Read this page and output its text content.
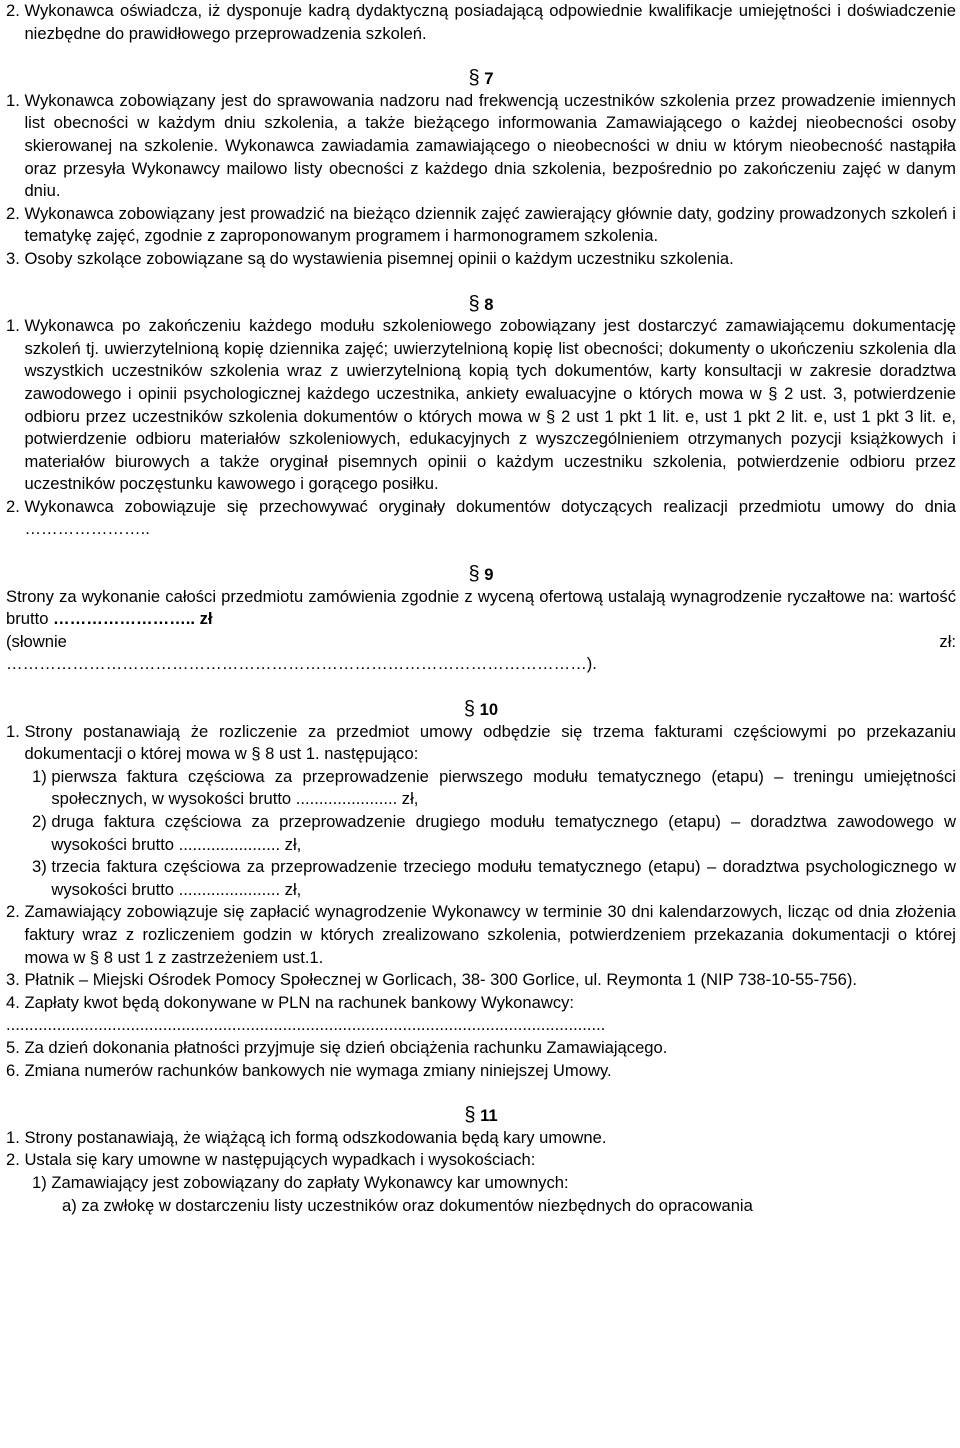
2. Wykonawca oświadcza, iż dysponuje kadrą dydaktyczną posiadającą odpowiednie kwalifikacje umiejętności i doświadczenie niezbędne do prawidłowego przeprowadzenia szkoleń.
§ 7
1. Wykonawca zobowiązany jest do sprawowania nadzoru nad frekwencją uczestników szkolenia przez prowadzenie imiennych list obecności w każdym dniu szkolenia, a także bieżącego informowania Zamawiającego o każdej nieobecności osoby skierowanej na szkolenie. Wykonawca zawiadamia zamawiającego o nieobecności w dniu w którym nieobecność nastąpiła oraz przesyła Wykonawcy mailowo listy obecności z każdego dnia szkolenia, bezpośrednio po zakończeniu zajęć w danym dniu.
2. Wykonawca zobowiązany jest prowadzić na bieżąco dziennik zajęć zawierający głównie daty, godziny prowadzonych szkoleń i tematykę zajęć, zgodnie z zaproponowanym programem i harmonogramem szkolenia.
3. Osoby szkolące zobowiązane są do wystawienia pisemnej opinii o każdym uczestniku szkolenia.
§ 8
1. Wykonawca po zakończeniu każdego modułu szkoleniowego zobowiązany jest dostarczyć zamawiającemu dokumentację szkoleń tj. uwierzytelnioną kopię dziennika zajęć; uwierzytelnioną kopię list obecności; dokumenty o ukończeniu szkolenia dla wszystkich uczestników szkolenia wraz z uwierzytelnioną kopią tych dokumentów, karty konsultacji w zakresie doradztwa zawodowego i opinii psychologicznej każdego uczestnika, ankiety ewaluacyjne o których mowa w § 2 ust. 3, potwierdzenie odbioru przez uczestników szkolenia dokumentów o których mowa w § 2 ust 1 pkt 1 lit. e, ust 1 pkt 2 lit. e, ust 1 pkt 3 lit. e, potwierdzenie odbioru materiałów szkoleniowych, edukacyjnych z wyszczególnieniem otrzymanych pozycji książkowych i materiałów biurowych a także oryginał pisemnych opinii o każdym uczestniku szkolenia, potwierdzenie odbioru przez uczestników poczęstunku kawowego i gorącego posiłku.
2. Wykonawca zobowiązuje się przechowywać oryginały dokumentów dotyczących realizacji przedmiotu umowy do dnia …………………..
§ 9
Strony za wykonanie całości przedmiotu zamówienia zgodnie z wyceną ofertową ustalają wynagrodzenie ryczałtowe na: wartość brutto …………………….. zł
(słownie	zł:
……………………………………………………………………………………………).
§ 10
1. Strony postanawiają że rozliczenie za przedmiot umowy odbędzie się trzema fakturami częściowymi po przekazaniu dokumentacji o której mowa w § 8 ust 1. następująco:
1) pierwsza faktura częściowa za przeprowadzenie pierwszego modułu tematycznego (etapu) – treningu umiejętności społecznych, w wysokości brutto ...................... zł,
2) druga faktura częściowa za przeprowadzenie drugiego modułu tematycznego (etapu) – doradztwa zawodowego w wysokości brutto ...................... zł,
3) trzecia faktura częściowa za przeprowadzenie trzeciego modułu tematycznego (etapu) – doradztwa psychologicznego w wysokości brutto ...................... zł,
2. Zamawiający zobowiązuje się zapłacić wynagrodzenie Wykonawcy w terminie 30 dni kalendarzowych, licząc od dnia złożenia faktury wraz z rozliczeniem godzin w których zrealizowano szkolenia, potwierdzeniem przekazania dokumentacji o której mowa w § 8 ust 1 z zastrzeżeniem ust.1.
3. Płatnik – Miejski Ośrodek Pomocy Społecznej w Gorlicach, 38- 300 Gorlice, ul. Reymonta 1 (NIP 738-10-55-756).
4. Zapłaty kwot będą dokonywane w PLN na rachunek bankowy Wykonawcy:
..................................................................................................................................
5. Za dzień dokonania płatności przyjmuje się dzień obciążenia rachunku Zamawiającego.
6. Zmiana numerów rachunków bankowych nie wymaga zmiany niniejszej Umowy.
§ 11
1. Strony postanawiają, że wiążącą ich formą odszkodowania będą kary umowne.
2. Ustala się kary umowne w następujących wypadkach i wysokościach:
1) Zamawiający jest zobowiązany do zapłaty Wykonawcy kar umownych:
a) za zwłokę w dostarczeniu listy uczestników oraz dokumentów niezbędnych do opracowania
